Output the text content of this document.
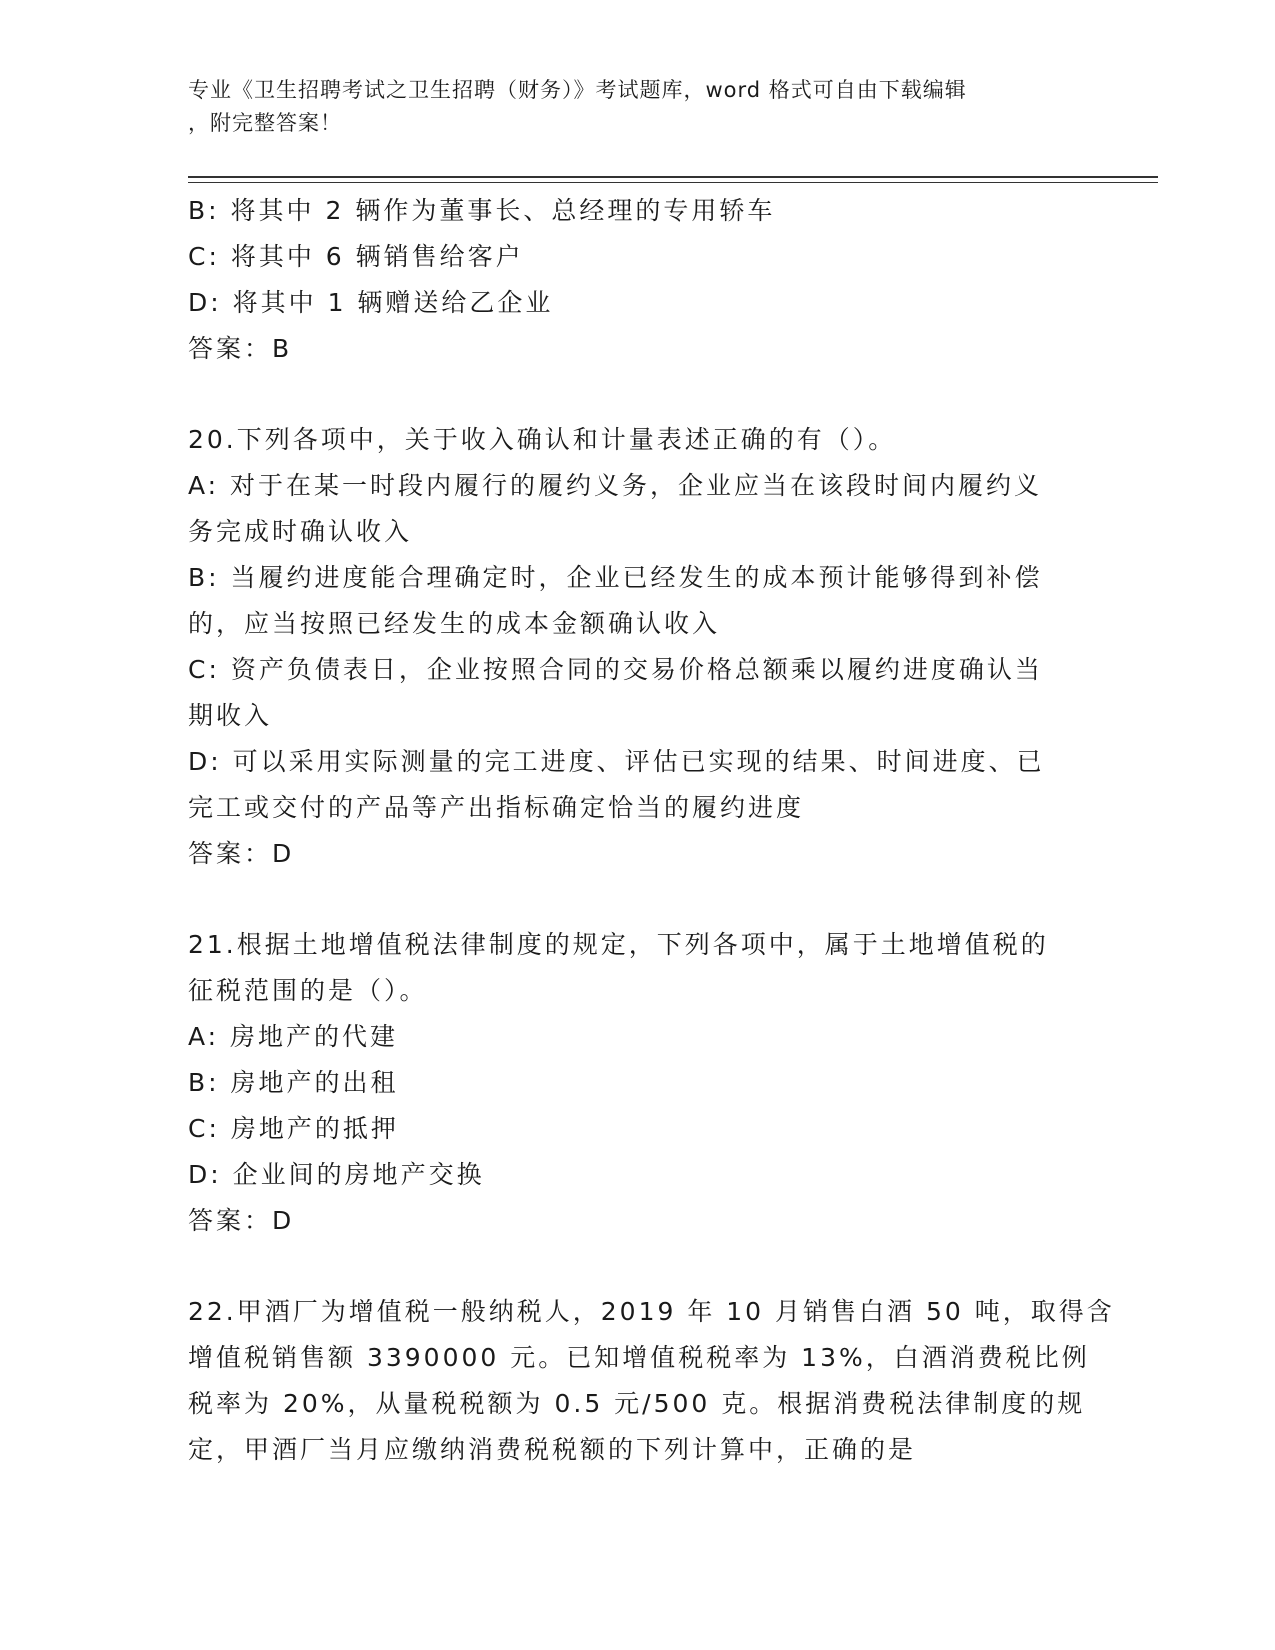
专业《卫生招聘考试之卫生招聘（财务）》考试题库，word 格式可自由下载编辑
，附完整答案！
B: 将其中 2 辆作为董事长、总经理的专用轿车
C: 将其中 6 辆销售给客户
D: 将其中 1 辆赠送给乙企业
答案：B
20.下列各项中，关于收入确认和计量表述正确的有（）。
A: 对于在某一时段内履行的履约义务，企业应当在该段时间内履约义
务完成时确认收入
B: 当履约进度能合理确定时，企业已经发生的成本预计能够得到补偿
的，应当按照已经发生的成本金额确认收入
C: 资产负债表日，企业按照合同的交易价格总额乘以履约进度确认当
期收入
D: 可以采用实际测量的完工进度、评估已实现的结果、时间进度、已
完工或交付的产品等产出指标确定恰当的履约进度
答案：D
21.根据土地增值税法律制度的规定，下列各项中，属于土地增值税的
征税范围的是（）。
A: 房地产的代建
B: 房地产的出租
C: 房地产的抵押
D: 企业间的房地产交换
答案：D
22.甲酒厂为增值税一般纳税人，2019 年 10 月销售白酒 50 吨，取得含
增值税销售额 3390000 元。已知增值税税率为 13%，白酒消费税比例
税率为 20%，从量税税额为 0.5 元/500 克。根据消费税法律制度的规
定，甲酒厂当月应缴纳消费税税额的下列计算中，正确的是
